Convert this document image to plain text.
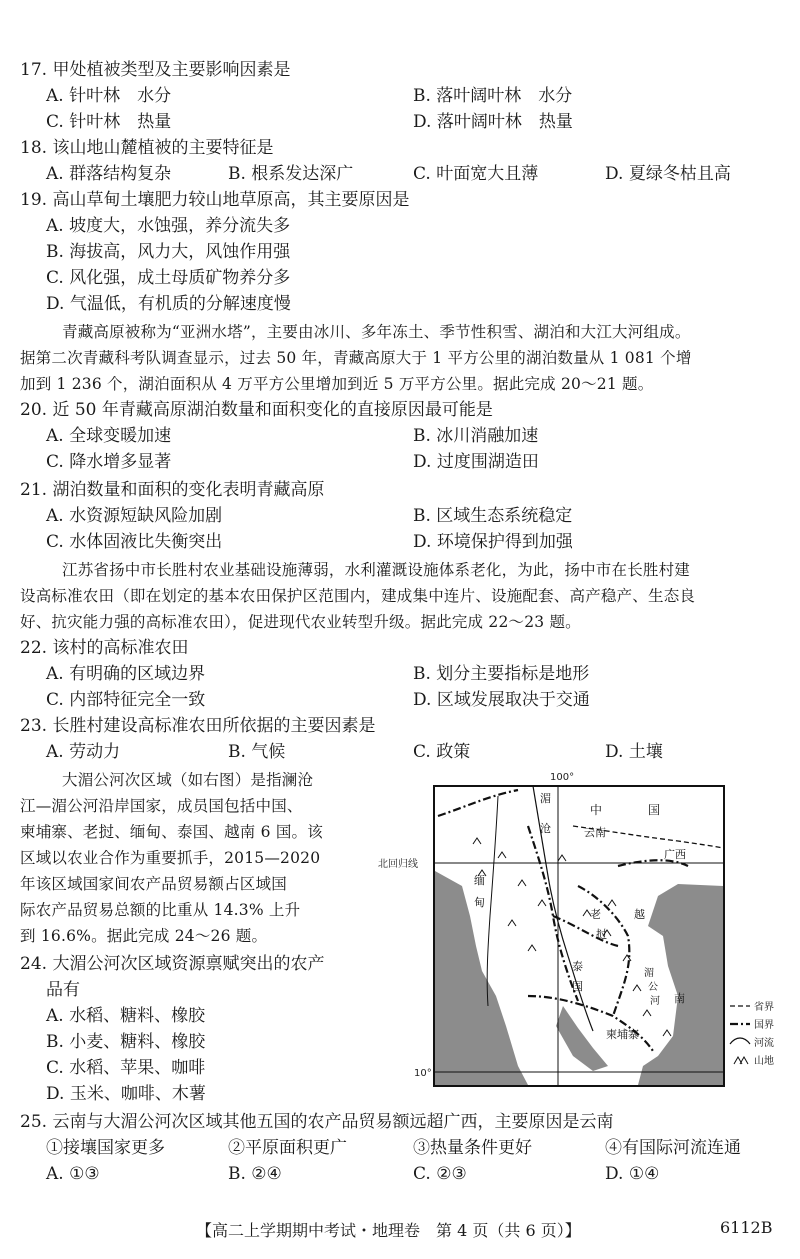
17. 甲处植被类型及主要影响因素是
A. 针叶林　水分	B. 落叶阔叶林　水分
C. 针叶林　热量	D. 落叶阔叶林　热量
18. 该山地山麓植被的主要特征是
A. 群落结构复杂	B. 根系发达深广	C. 叶面宽大且薄	D. 夏绿冬枯且高
19. 高山草甸土壤肥力较山地草原高，其主要原因是
A. 坡度大，水蚀强，养分流失多
B. 海拔高，风力大，风蚀作用强
C. 风化强，成土母质矿物养分多
D. 气温低，有机质的分解速度慢
青藏高原被称为“亚洲水塔”，主要由冰川、多年冻土、季节性积雪、湖泊和大江大河组成。
据第二次青藏科考队调查显示，过去 50 年，青藏高原大于 1 平方公里的湖泊数量从 1 081 个增
加到 1 236 个，湖泊面积从 4 万平方公里增加到近 5 万平方公里。据此完成 20～21 题。
20. 近 50 年青藏高原湖泊数量和面积变化的直接原因最可能是
A. 全球变暖加速	B. 冰川消融加速
C. 降水增多显著	D. 过度围湖造田
21. 湖泊数量和面积的变化表明青藏高原
A. 水资源短缺风险加剧	B. 区域生态系统稳定
C. 水体固液比失衡突出	D. 环境保护得到加强
江苏省扬中市长胜村农业基础设施薄弱，水利灌溉设施体系老化，为此，扬中市在长胜村建
设高标准农田（即在划定的基本农田保护区范围内，建成集中连片、设施配套、高产稳产、生态良
好、抗灾能力强的高标准农田），促进现代农业转型升级。据此完成 22～23 题。
22. 该村的高标准农田
A. 有明确的区域边界	B. 划分主要指标是地形
C. 内部特征完全一致	D. 区域发展取决于交通
23. 长胜村建设高标准农田所依据的主要因素是
A. 劳动力	B. 气候	C. 政策	D. 土壤
大湄公河次区域（如右图）是指澜沧
江—湄公河沿岸国家，成员国包括中国、
柬埔寨、老挝、缅甸、泰国、越南 6 国。该
区域以农业合作为重要抓手，2015—2020
年该区域国家间农产品贸易额占区域国
际农产品贸易总额的比重从 14.3% 上升
到 16.6%。据此完成 24～26 题。
24. 大湄公河次区域资源禀赋突出的农产
品有
A. 水稻、糖料、橡胶
B. 小麦、糖料、橡胶
C. 水稻、苹果、咖啡
D. 玉米、咖啡、木薯
100°
北回归线
10°
湄
沧
中	国
云南
广西
缅
甸
老
挝
越
南
泰
国
柬埔寨
湄
公
河
省界
国界
河流
山地
25. 云南与大湄公河次区域其他五国的农产品贸易额远超广西，主要原因是云南
①接壤国家更多	②平原面积更广	③热量条件更好	④有国际河流连通
A. ①③	B. ②④	C. ②③	D. ①④
【高二上学期期中考试・地理卷　第 4 页（共 6 页）】	6112B
